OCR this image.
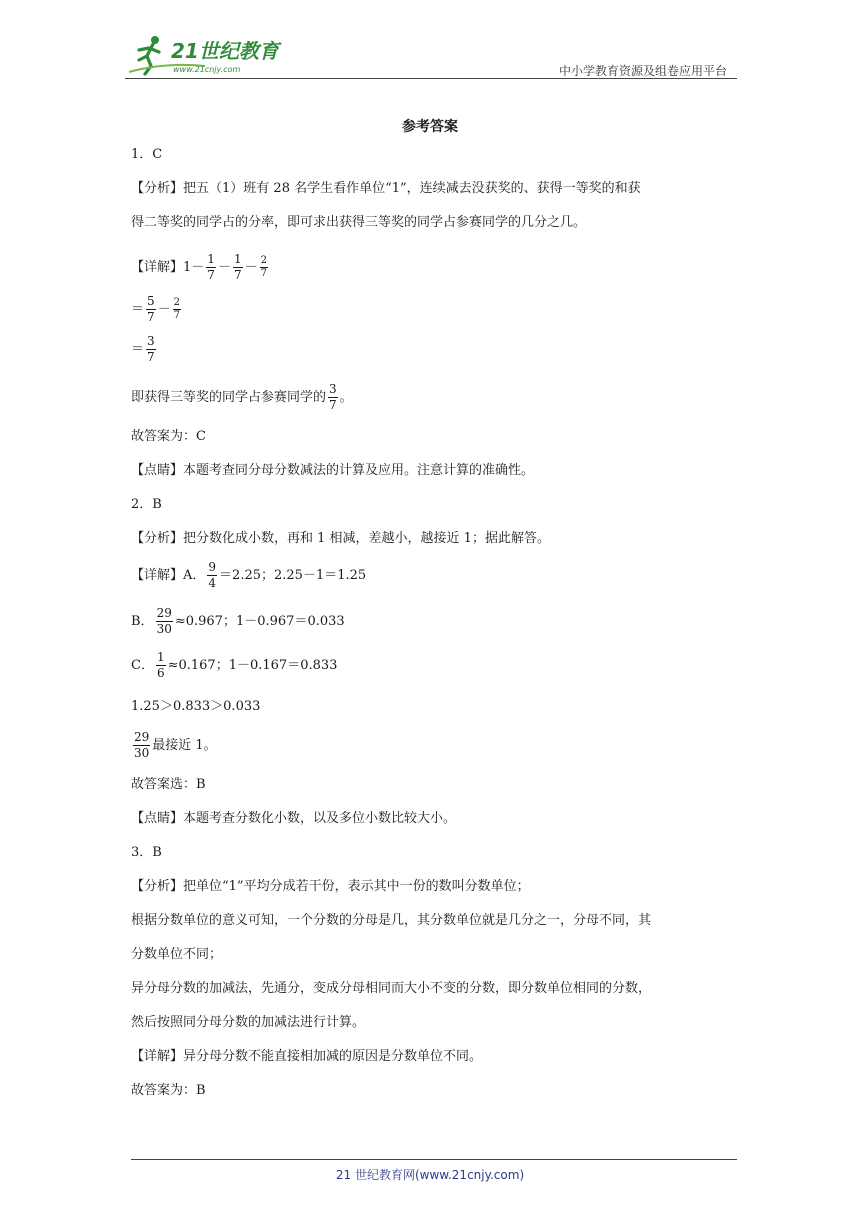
21世纪教育
www.21cnjy.com	中小学教育资源及组卷应用平台
参考答案
1．C
【分析】把五（1）班有 28 名学生看作单位“1”，连续减去没获奖的、获得一等奖的和获
得二等奖的同学占的分率，即可求出获得三等奖的同学占参赛同学的几分之几。
【详解】$1- \frac{1}{7} - \frac{1}{7} - \frac{2}{7}$
＝ $\frac{5}{7} - \frac{2}{7}$
＝ $\frac{3}{7}$
即获得三等奖的同学占参赛同学的 $\frac{3}{7}$ 。
故答案为：C
【点睛】本题考查同分母分数减法的计算及应用。注意计算的准确性。
2．B
【分析】把分数化成小数，再和 1 相减，差越小，越接近 1；据此解答。
【详解】A． $\frac{9}{4} =2.25$；2.25－1＝1.25
B． $\frac{29}{30} \approx 0.967$；1－0.967＝0.033
C． $\frac{1}{6} \approx 0.167$；1－0.167＝0.833
1.25＞0.833＞0.033
$\frac{29}{30}$ 最接近 1。
故答案选：B
【点睛】本题考查分数化小数，以及多位小数比较大小。
3．B
【分析】把单位“1”平均分成若干份，表示其中一份的数叫分数单位；
根据分数单位的意义可知，一个分数的分母是几，其分数单位就是几分之一，分母不同，其
分数单位不同；
异分母分数的加减法，先通分，变成分母相同而大小不变的分数，即分数单位相同的分数，
然后按照同分母分数的加减法进行计算。
【详解】异分母分数不能直接相加减的原因是分数单位不同。
故答案为：B
21 世纪教育网(www.21cnjy.com)
